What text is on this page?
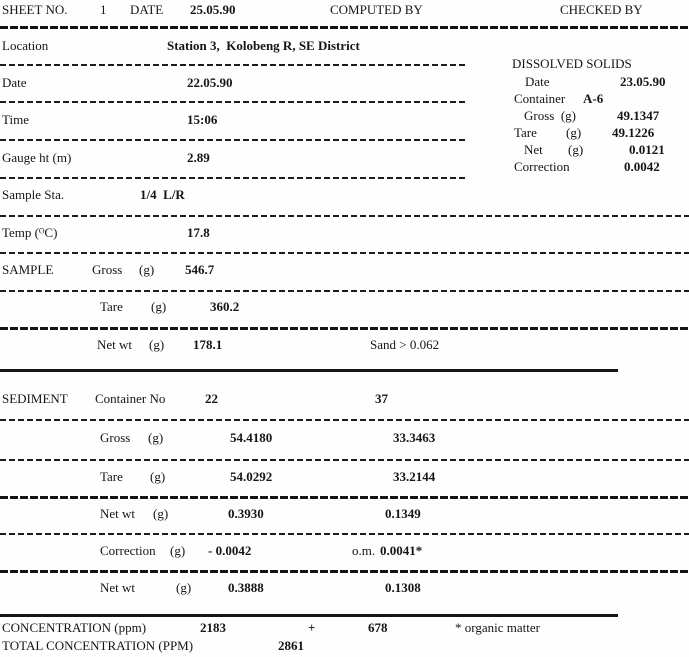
SHEET NO.	1 DATE 25.05.90	COMPUTED BY	CHECKED BY
Location	Station 3,  Kolobeng R, SE District
Date	22.05.90
Time	15:06
Gauge ht (m)	2.89
Sample Sta.	1/4  L/R
Temp (ᴼC)	17.8
DISSOLVED SOLIDS
Date	23.05.90
Container A-6
Gross  (g)	49.1347
Tare (g) 49.1226
Net (g)	0.0121
Correction	0.0042
SAMPLE	Gross (g) 546.7
Tare (g)	360.2
Net wt (g) 178.1	Sand > 0.062
SEDIMENT Container No	22	37
Gross (g)	54.4180	33.3463
Tare (g)	54.0292	33.2144
Net wt (g)	0.3930	0.1349
Correction (g) - 0.0042	o.m. 0.0041*
Net wt	(g)	0.3888	0.1308
CONCENTRATION (ppm)	2183	+	678	* organic matter
TOTAL CONCENTRATION (PPM)	2861
